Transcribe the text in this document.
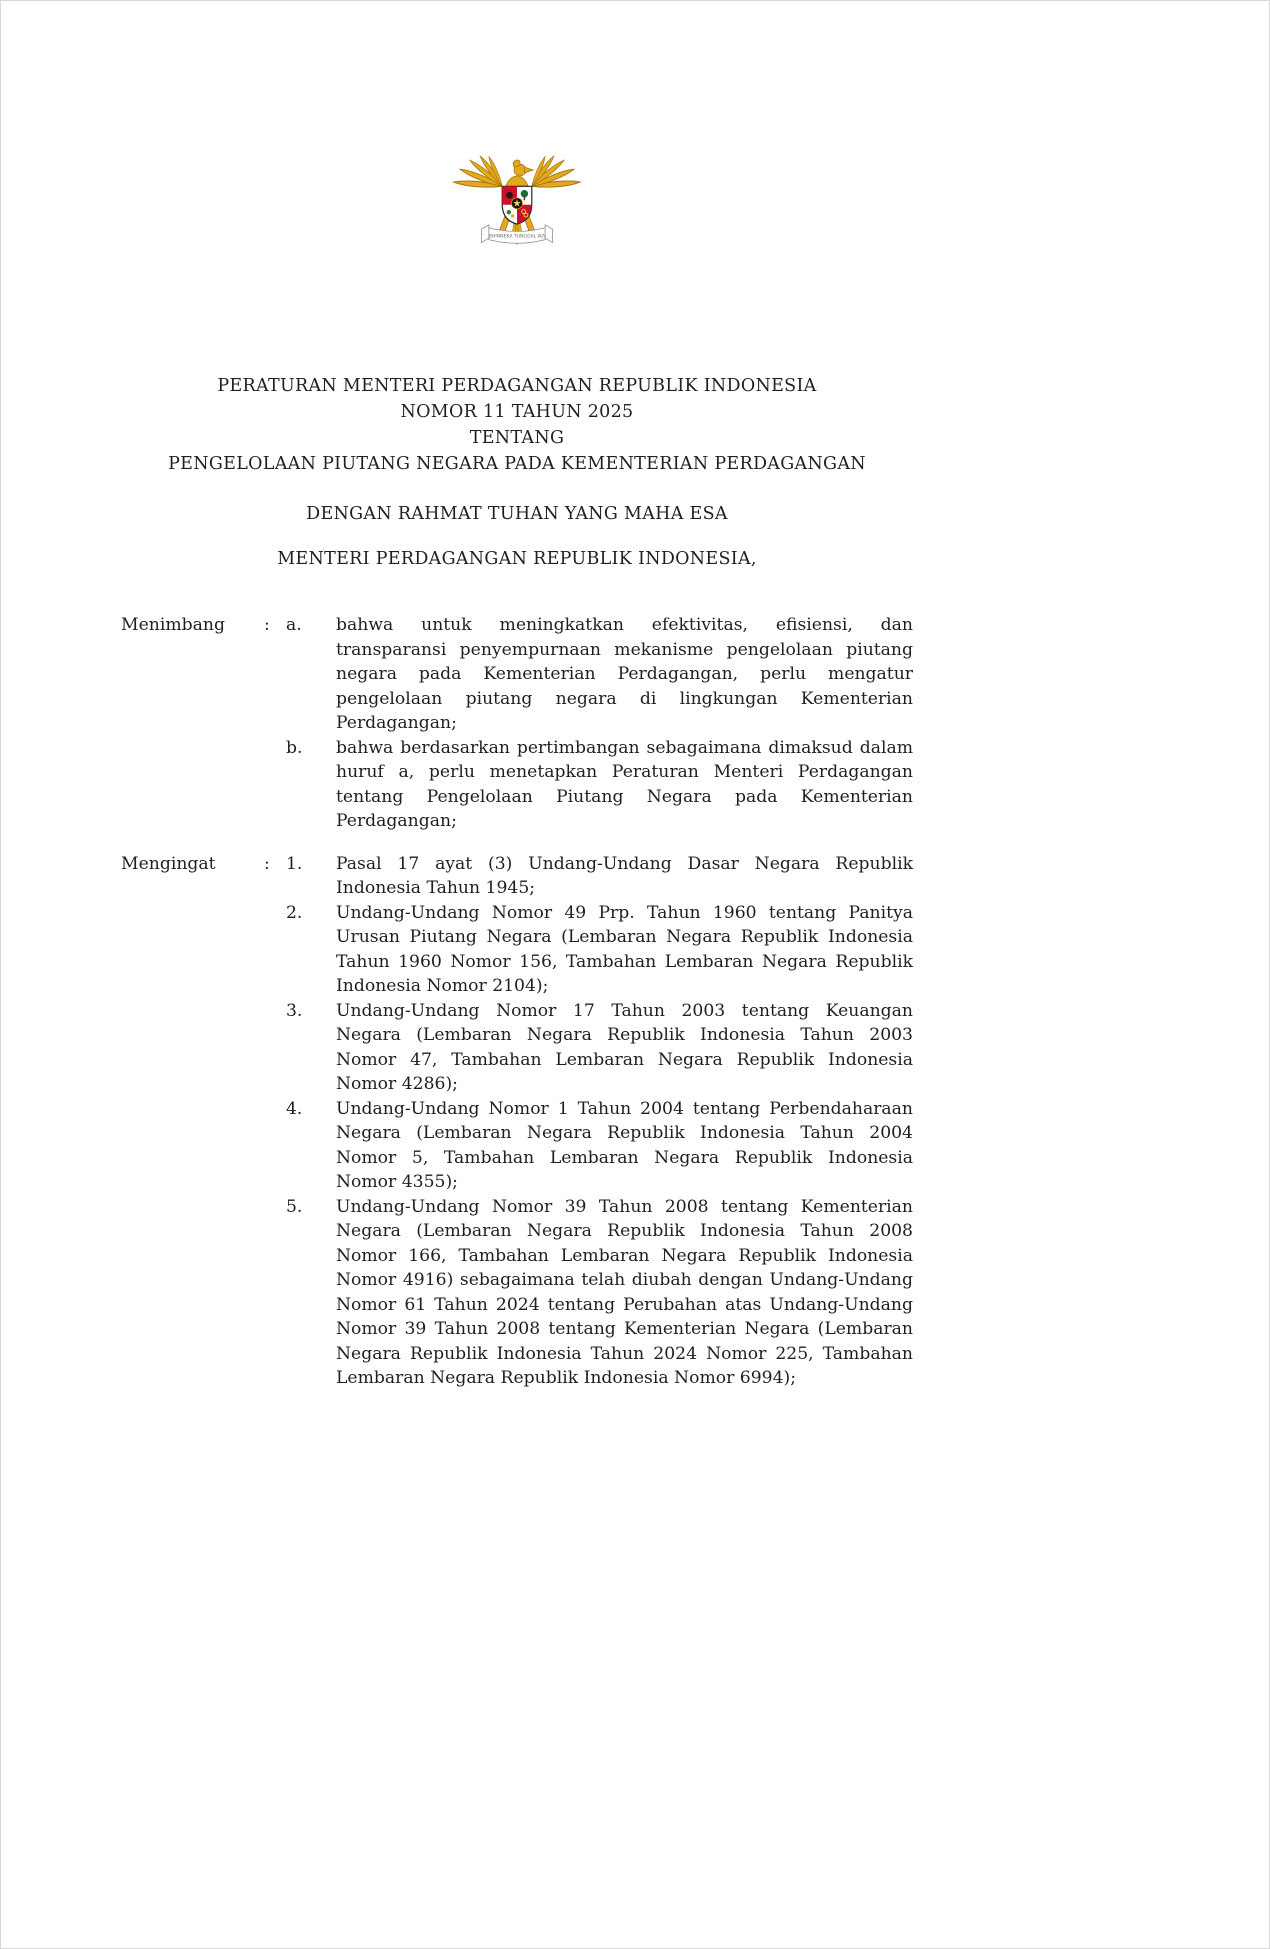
BHINNEKA TUNGGAL IKA
PERATURAN MENTERI PERDAGANGAN REPUBLIK INDONESIA
NOMOR 11 TAHUN 2025
TENTANG
PENGELOLAAN PIUTANG NEGARA PADA KEMENTERIAN PERDAGANGAN
DENGAN RAHMAT TUHAN YANG MAHA ESA
MENTERI PERDAGANGAN REPUBLIK INDONESIA,
Menimbang	: a.	bahwa untuk meningkatkan efektivitas, efisiensi, dan transparansi penyempurnaan mekanisme pengelolaan piutang negara pada Kementerian Perdagangan, perlu mengatur pengelolaan piutang negara di lingkungan Kementerian Perdagangan;
b.	bahwa berdasarkan pertimbangan sebagaimana dimaksud dalam huruf a, perlu menetapkan Peraturan Menteri Perdagangan tentang Pengelolaan Piutang Negara pada Kementerian Perdagangan;
Mengingat	: 1.	Pasal 17 ayat (3) Undang-Undang Dasar Negara Republik Indonesia Tahun 1945;
2.	Undang-Undang Nomor 49 Prp. Tahun 1960 tentang Panitya Urusan Piutang Negara (Lembaran Negara Republik Indonesia Tahun 1960 Nomor 156, Tambahan Lembaran Negara Republik Indonesia Nomor 2104);
3.	Undang-Undang Nomor 17 Tahun 2003 tentang Keuangan Negara (Lembaran Negara Republik Indonesia Tahun 2003 Nomor 47, Tambahan Lembaran Negara Republik Indonesia Nomor 4286);
4.	Undang-Undang Nomor 1 Tahun 2004 tentang Perbendaharaan Negara (Lembaran Negara Republik Indonesia Tahun 2004 Nomor 5, Tambahan Lembaran Negara Republik Indonesia Nomor 4355);
5.	Undang-Undang Nomor 39 Tahun 2008 tentang Kementerian Negara (Lembaran Negara Republik Indonesia Tahun 2008 Nomor 166, Tambahan Lembaran Negara Republik Indonesia Nomor 4916) sebagaimana telah diubah dengan Undang-Undang Nomor 61 Tahun 2024 tentang Perubahan atas Undang-Undang Nomor 39 Tahun 2008 tentang Kementerian Negara (Lembaran Negara Republik Indonesia Tahun 2024 Nomor 225, Tambahan Lembaran Negara Republik Indonesia Nomor 6994);
